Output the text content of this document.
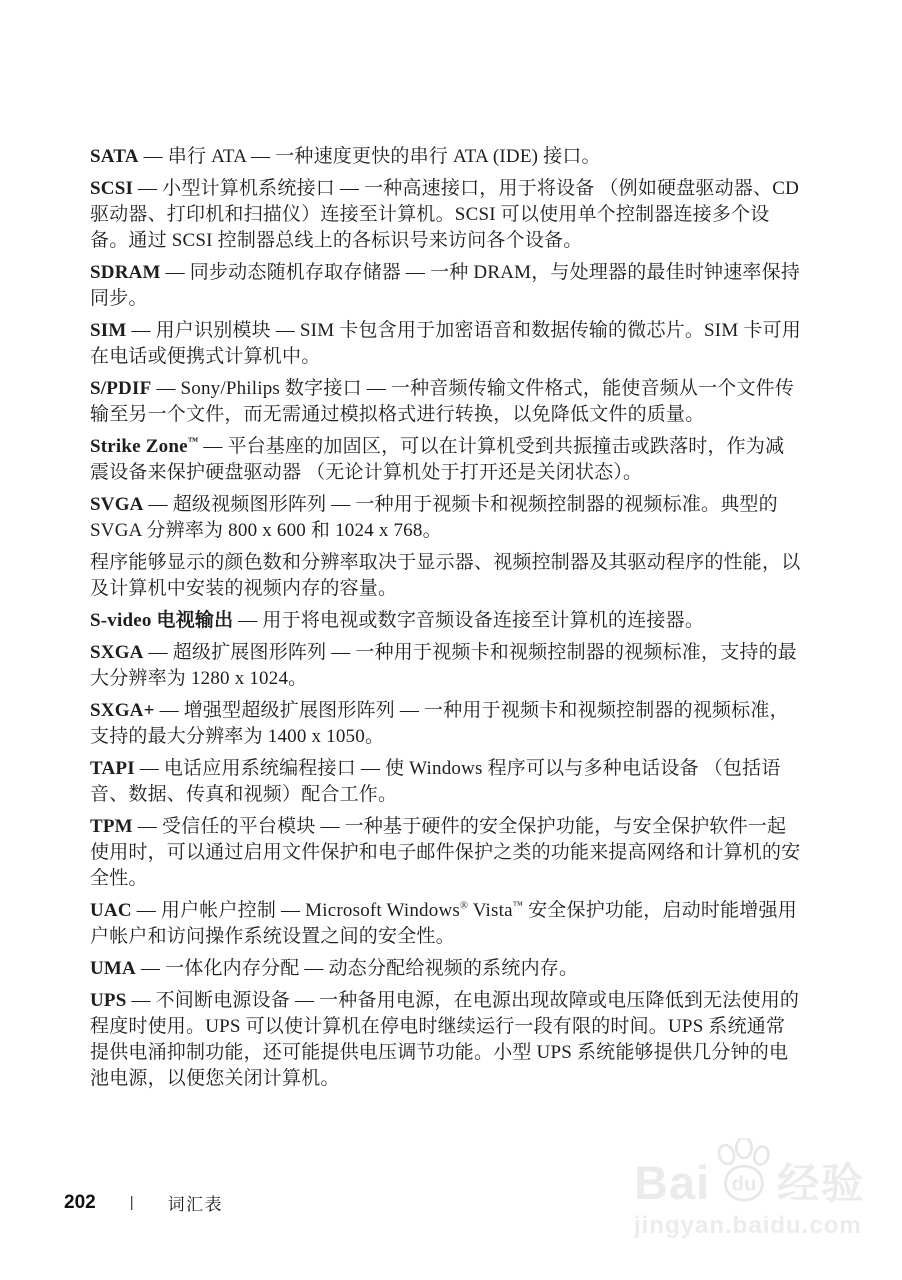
SATA — 串行 ATA — 一种速度更快的串行 ATA (IDE) 接口。

SCSI — 小型计算机系统接口 — 一种高速接口，用于将设备 （例如硬盘驱动器、CD 驱动器、打印机和扫描仪）连接至计算机。SCSI 可以使用单个控制器连接多个设备。通过 SCSI 控制器总线上的各标识号来访问各个设备。

SDRAM — 同步动态随机存取存储器 — 一种 DRAM，与处理器的最佳时钟速率保持同步。

SIM — 用户识别模块 — SIM 卡包含用于加密语音和数据传输的微芯片。SIM 卡可用在电话或便携式计算机中。

S/PDIF — Sony/Philips 数字接口 — 一种音频传输文件格式，能使音频从一个文件传输至另一个文件，而无需通过模拟格式进行转换，以免降低文件的质量。

Strike Zone™ — 平台基座的加固区，可以在计算机受到共振撞击或跌落时，作为减震设备来保护硬盘驱动器 （无论计算机处于打开还是关闭状态）。

SVGA — 超级视频图形阵列 — 一种用于视频卡和视频控制器的视频标准。典型的 SVGA 分辨率为 800 x 600 和 1024 x 768。

程序能够显示的颜色数和分辨率取决于显示器、视频控制器及其驱动程序的性能，以及计算机中安装的视频内存的容量。

S-video 电视输出 — 用于将电视或数字音频设备连接至计算机的连接器。

SXGA — 超级扩展图形阵列 — 一种用于视频卡和视频控制器的视频标准，支持的最大分辨率为 1280 x 1024。

SXGA+ — 增强型超级扩展图形阵列 — 一种用于视频卡和视频控制器的视频标准，支持的最大分辨率为 1400 x 1050。

TAPI — 电话应用系统编程接口 — 使 Windows 程序可以与多种电话设备 （包括语音、数据、传真和视频）配合工作。

TPM — 受信任的平台模块 — 一种基于硬件的安全保护功能，与安全保护软件一起使用时，可以通过启用文件保护和电子邮件保护之类的功能来提高网络和计算机的安全性。

UAC — 用户帐户控制 — Microsoft Windows® Vista™ 安全保护功能，启动时能增强用户帐户和访问操作系统设置之间的安全性。

UMA — 一体化内存分配 — 动态分配给视频的系统内存。

UPS — 不间断电源设备 — 一种备用电源，在电源出现故障或电压降低到无法使用的程度时使用。UPS 可以使计算机在停电时继续运行一段有限的时间。UPS 系统通常提供电涌抑制功能，还可能提供电压调节功能。小型 UPS 系统能够提供几分钟的电池电源，以便您关闭计算机。

202 | 词汇表	Bai du 经验
jingyan.baidu.com
